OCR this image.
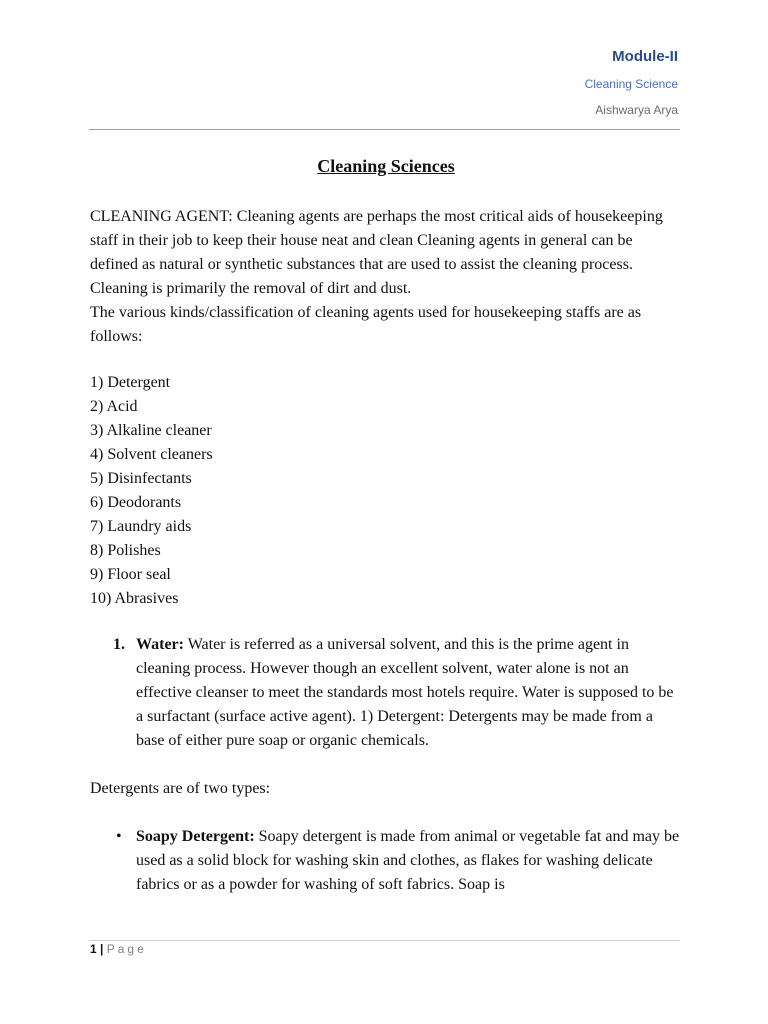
Module-II
Cleaning Science
Aishwarya Arya
Cleaning Sciences

CLEANING AGENT: Cleaning agents are perhaps the most critical aids of housekeeping staff in their job to keep their house neat and clean Cleaning agents in general can be defined as natural or synthetic substances that are used to assist the cleaning process. Cleaning is primarily the removal of dirt and dust.

The various kinds/classification of cleaning agents used for housekeeping staffs are as follows:

1) Detergent
2) Acid
3) Alkaline cleaner
4) Solvent cleaners
5) Disinfectants
6) Deodorants
7) Laundry aids
8) Polishes
9) Floor seal
10) Abrasives
1. Water: Water is referred as a universal solvent, and this is the prime agent in cleaning process. However though an excellent solvent, water alone is not an effective cleanser to meet the standards most hotels require. Water is supposed to be a surfactant (surface active agent). 1) Detergent: Detergents may be made from a base of either pure soap or organic chemicals.

Detergents are of two types:

• Soapy Detergent: Soapy detergent is made from animal or vegetable fat and may be used as a solid block for washing skin and clothes, as flakes for washing delicate fabrics or as a powder for washing of soft fabrics. Soap is
1 | Page
